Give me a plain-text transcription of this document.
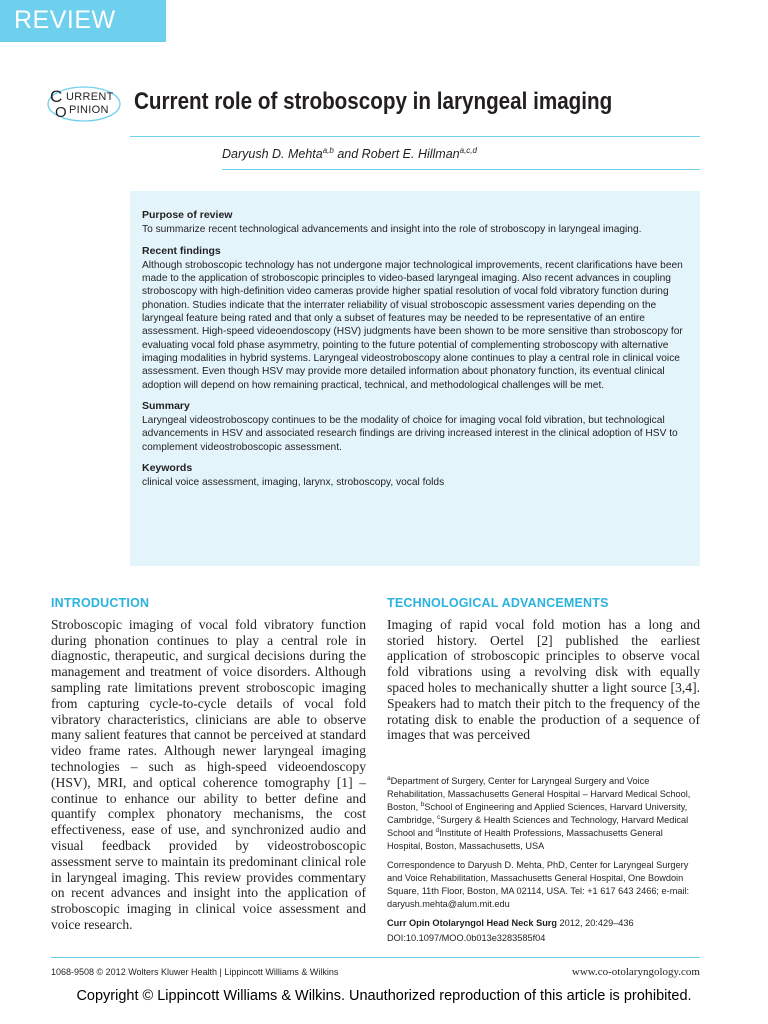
REVIEW
C
O
URRENT
PINION Current role of stroboscopy in laryngeal imaging
Daryush D. Mehta$^{a,b}$ and Robert E. Hillman$^{a,c,d}$
Purpose of review
To summarize recent technological advancements and insight into the role of stroboscopy in laryngeal imaging.
Recent findings
Although stroboscopic technology has not undergone major technological improvements, recent clarifications have been made to the application of stroboscopic principles to video-based laryngeal imaging. Also recent advances in coupling stroboscopy with high-definition video cameras provide higher spatial resolution of vocal fold vibratory function during phonation. Studies indicate that the interrater reliability of visual stroboscopic assessment varies depending on the laryngeal feature being rated and that only a subset of features may be needed to be representative of an entire assessment. High-speed videoendoscopy (HSV) judgments have been shown to be more sensitive than stroboscopy for evaluating vocal fold phase asymmetry, pointing to the future potential of complementing stroboscopy with alternative imaging modalities in hybrid systems. Laryngeal videostroboscopy alone continues to play a central role in clinical voice assessment. Even though HSV may provide more detailed information about phonatory function, its eventual clinical adoption will depend on how remaining practical, technical, and methodological challenges will be met.
Summary
Laryngeal videostroboscopy continues to be the modality of choice for imaging vocal fold vibration, but technological advancements in HSV and associated research findings are driving increased interest in the clinical adoption of HSV to complement videostroboscopic assessment.
Keywords
clinical voice assessment, imaging, larynx, stroboscopy, vocal folds
INTRODUCTION
Stroboscopic imaging of vocal fold vibratory function during phonation continues to play a central role in diagnostic, therapeutic, and surgical decisions during the management and treatment of voice disorders. Although sampling rate limitations prevent stroboscopic imaging from capturing cycle-to-cycle details of vocal fold vibratory characteristics, clinicians are able to observe many salient features that cannot be perceived at standard video frame rates. Although newer laryngeal imaging technologies – such as high-speed videoendoscopy (HSV), MRI, and optical coherence tomography [1] – continue to enhance our ability to better define and quantify complex phonatory mechanisms, the cost effectiveness, ease of use, and synchronized audio and visual feedback provided by videostroboscopic assessment serve to maintain its predominant clinical role in laryngeal imaging. This review provides commentary on recent advances and insight into the application of stroboscopic imaging in clinical voice assessment and voice research.
TECHNOLOGICAL ADVANCEMENTS
Imaging of rapid vocal fold motion has a long and storied history. Oertel [2] published the earliest application of stroboscopic principles to observe vocal fold vibrations using a revolving disk with equally spaced holes to mechanically shutter a light source [3,4]. Speakers had to match their pitch to the frequency of the rotating disk to enable the production of a sequence of images that was perceived

$^a$Department of Surgery, Center for Laryngeal Surgery and Voice Rehabilitation, Massachusetts General Hospital – Harvard Medical School, Boston, $^b$School of Engineering and Applied Sciences, Harvard University, Cambridge, $^c$Surgery & Health Sciences and Technology, Harvard Medical School and $^d$Institute of Health Professions, Massachusetts General Hospital, Boston, Massachusetts, USA

Correspondence to Daryush D. Mehta, PhD, Center for Laryngeal Surgery and Voice Rehabilitation, Massachusetts General Hospital, One Bowdoin Square, 11th Floor, Boston, MA 02114, USA. Tel: +1 617 643 2466; e-mail: daryush.mehta@alum.mit.edu

Curr Opin Otolaryngol Head Neck Surg 2012, 20:429–436

DOI:10.1097/MOO.0b013e3283585f04

1068-9508 © 2012 Wolters Kluwer Health | Lippincott Williams & Wilkins	www.co-otolaryngology.com
Copyright © Lippincott Williams & Wilkins. Unauthorized reproduction of this article is prohibited.
